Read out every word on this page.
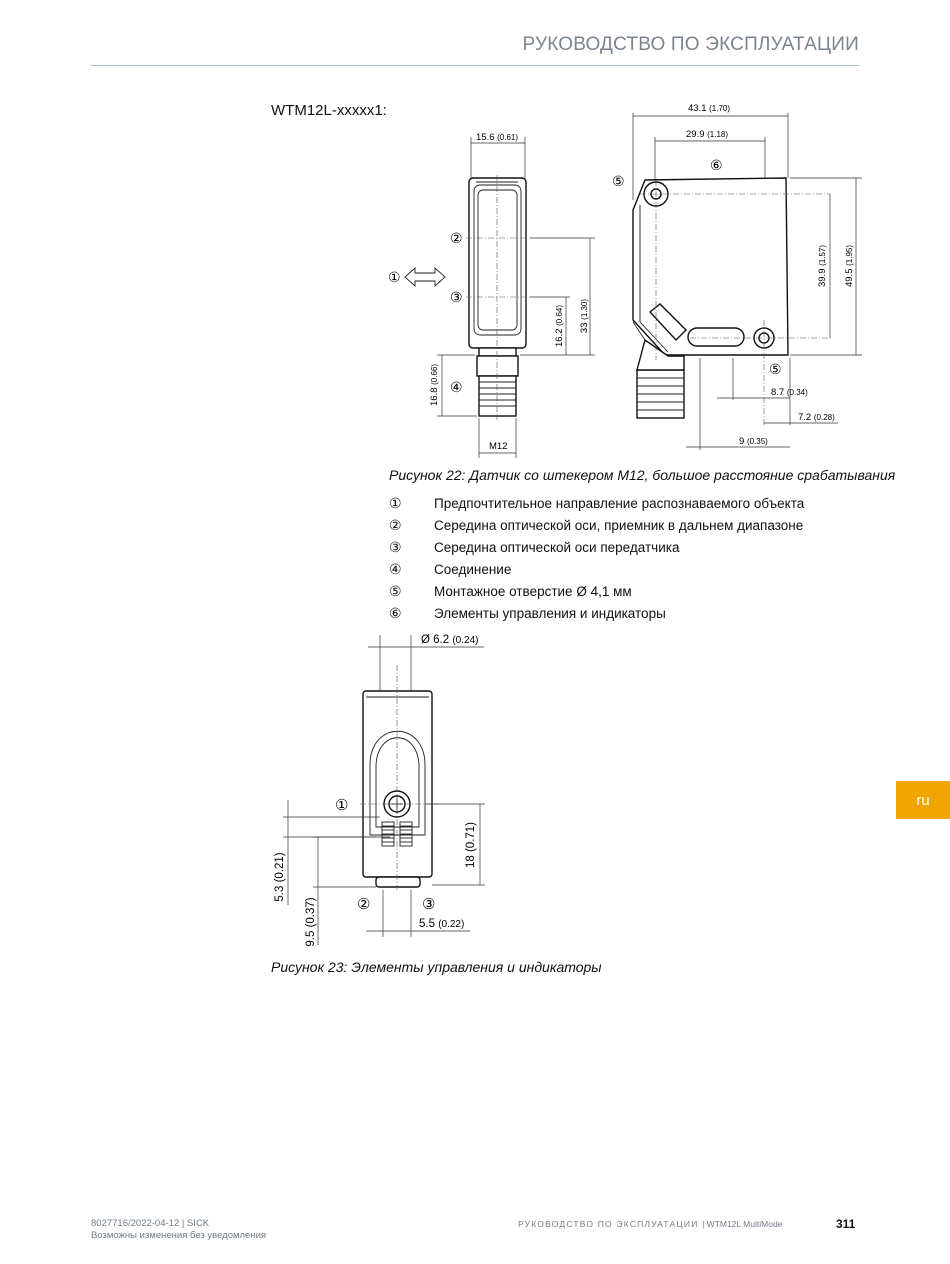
РУКОВОДСТВО ПО ЭКСПЛУАТАЦИИ
WTM12L-xxxxx1:
15.6 (0.61)
33 (1.30)
16.2 (0.64)
16.8 (0.66)
M12
②
③
④
①
43.1 (1.70)
29.9 (1.18)
39.9 (1.57)
49.5 (1.95)
8.7 (0.34)
7.2 (0.28)
9 (0.35)
⑤
⑥
⑤
Рисунок 22: Датчик со штекером M12, большое расстояние срабатывания
①	Предпочтительное направление распознаваемого объекта
②	Середина оптической оси, приемник в дальнем диапазоне
③	Середина оптической оси передатчика
④	Соединение
⑤	Монтажное отверстие Ø 4,1 мм
⑥	Элементы управления и индикаторы
Ø 6.2 (0.24)
18 (0.71)
5.3 (0.21)
9.5 (0.37)	5.5 (0.22)
①
②	③
Рисунок 23: Элементы управления и индикаторы
ru
8027716/2022-04-12 | SICK
Возможны изменения без уведомления
РУКОВОДСТВО ПО ЭКСПЛУАТАЦИИ | WTM12L MultiMode	311
